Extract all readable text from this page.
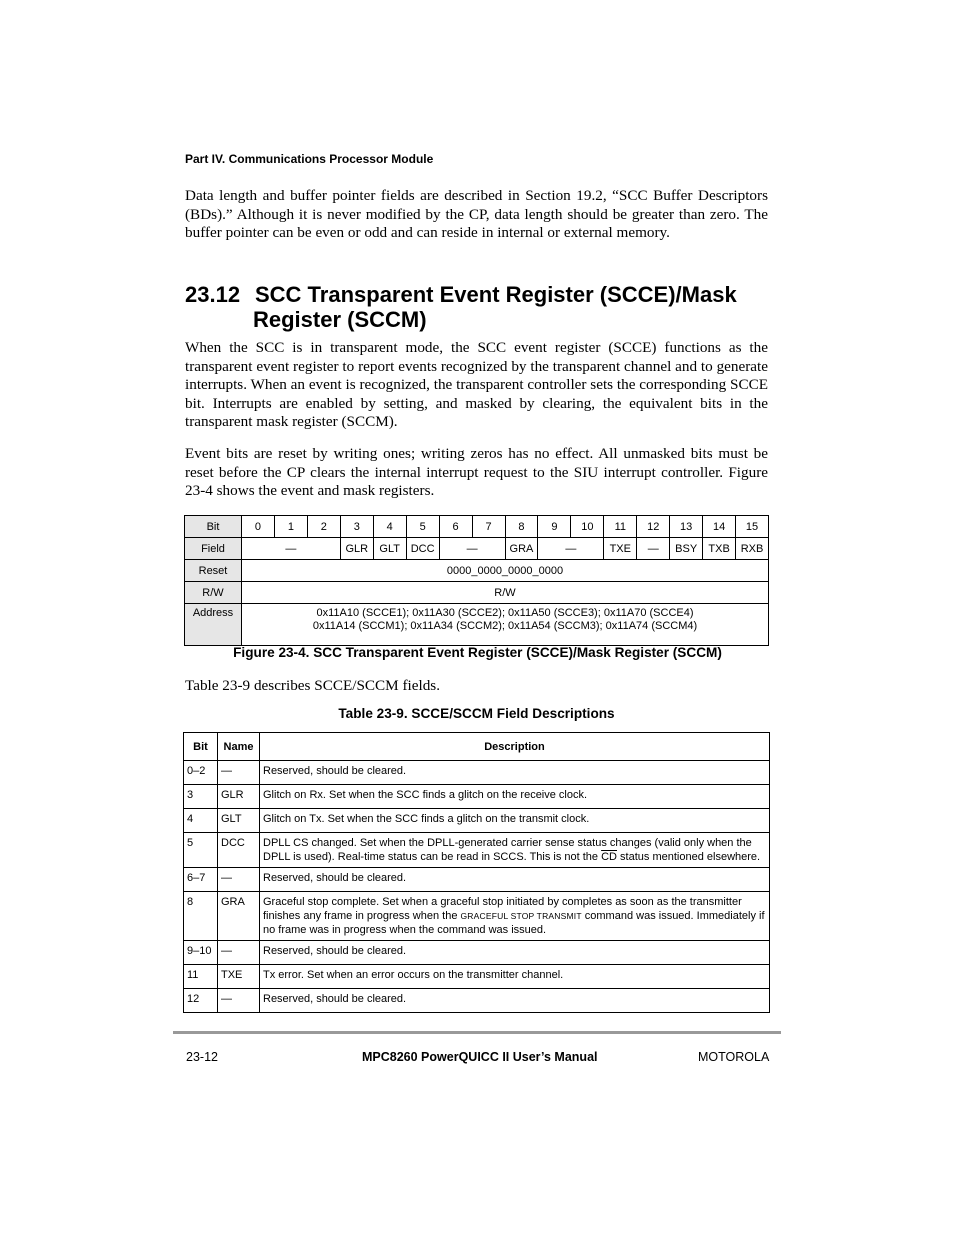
Part IV. Communications Processor Module

Data length and buffer pointer fields are described in Section 19.2, “SCC Buffer Descriptors (BDs).” Although it is never modified by the CP, data length should be greater than zero. The buffer pointer can be even or odd and can reside in internal or external memory.

23.12 SCC Transparent Event Register (SCCE)/Mask
Register (SCCM)

When the SCC is in transparent mode, the SCC event register (SCCE) functions as the transparent event register to report events recognized by the transparent channel and to generate interrupts. When an event is recognized, the transparent controller sets the corresponding SCCE bit. Interrupts are enabled by setting, and masked by clearing, the equivalent bits in the transparent mask register (SCCM).

Event bits are reset by writing ones; writing zeros has no effect. All unmasked bits must be reset before the CP clears the internal interrupt request to the SIU interrupt controller. Figure 23-4 shows the event and mask registers.

Bit	0	1	2	3	4	5	6	7	8	9	10	11	12	13	14	15
Field	—			GLR	GLT	DCC	—		GRA	—		TXE	—	BSY	TXB	RXB
Reset	0000_0000_0000_0000															
R/W	R/W															
Address	0x11A10 (SCCE1); 0x11A30 (SCCE2); 0x11A50 (SCCE3); 0x11A70 (SCCE4)
0x11A14 (SCCM1); 0x11A34 (SCCM2); 0x11A54 (SCCM3); 0x11A74 (SCCM4)															
Figure 23-4. SCC Transparent Event Register (SCCE)/Mask Register (SCCM)

Table 23-9 describes SCCE/SCCM fields.

Table 23-9. SCCE/SCCM Field Descriptions
Bit	Name	Description
0–2	—	Reserved, should be cleared.
3	GLR	Glitch on Rx. Set when the SCC finds a glitch on the receive clock.
4	GLT	Glitch on Tx. Set when the SCC finds a glitch on the transmit clock.
5	DCC	DPLL CS changed. Set when the DPLL-generated carrier sense status changes (valid only when the DPLL is used). Real-time status can be read in SCCS. This is not the $\overline{CD}$ status mentioned elsewhere.
6–7	—	Reserved, should be cleared.
8	GRA	Graceful stop complete. Set when a graceful stop initiated by completes as soon as the transmitter finishes any frame in progress when the GRACEFUL STOP TRANSMIT command was issued. Immediately if no frame was in progress when the command was issued.
9–10	—	Reserved, should be cleared.
11	TXE	Tx error. Set when an error occurs on the transmitter channel.
12	—	Reserved, should be cleared.
23-12	MPC8260 PowerQUICC II User’s Manual	MOTOROLA
